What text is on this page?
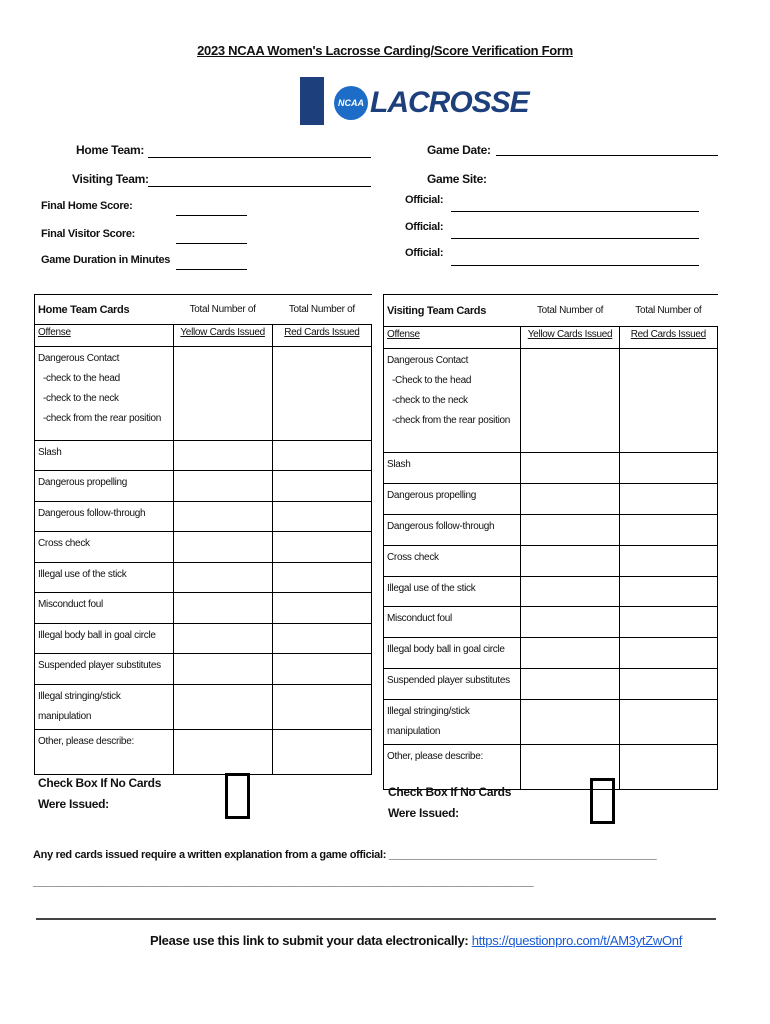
2023 NCAA Women's Lacrosse Carding/Score Verification Form
NCAA LACROSSE
Home Team:
Visiting Team:
Game Date:
Game Site:
Final Home Score:
Final Visitor Score:
Game Duration in Minutes
Official:
Official:
Official:
Home Team Cards	Total Number of	Total Number of
Offense	Yellow Cards Issued	Red Cards Issued

Dangerous Contact
-check to the head
-check to the neck
-check from the rear position		

Slash		

Dangerous propelling		

Dangerous follow-through		

Cross check		

Illegal use of the stick		

Misconduct foul		

Illegal body ball in goal circle		

Suspended player substitutes		

Illegal stringing/stick manipulation		

Other, please describe:		

Visiting Team Cards	Total Number of	Total Number of
Offense	Yellow Cards Issued	Red Cards Issued

Dangerous Contact
-Check to the head
-check to the neck
-check from the rear position		

Slash		

Dangerous propelling		

Dangerous follow-through		

Cross check		

Illegal use of the stick		

Misconduct foul		

Illegal body ball in goal circle		

Suspended player substitutes		

Illegal stringing/stick manipulation		

Other, please describe:		

Check Box If No Cards
Were Issued:
Check Box If No Cards
Were Issued:
Any red cards issued require a written explanation from a game official: ______________________________________________
______________________________________________________________________________________
Please use this link to submit your data electronically: https://questionpro.com/t/AM3ytZwOnf
